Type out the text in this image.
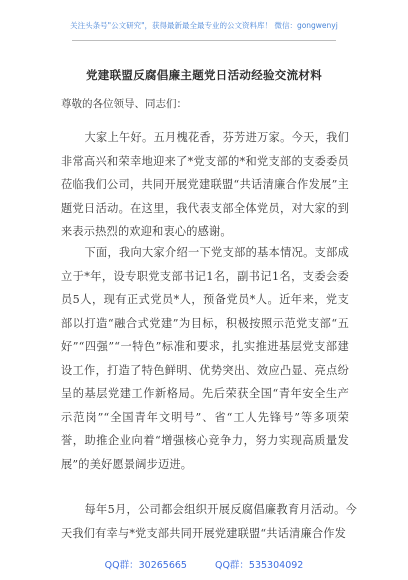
关注头条号"公文研究"，获得最新最全最专业的公文资料库！ 微信：gongwenyj
党建联盟反腐倡廉主题党日活动经验交流材料
尊敬的各位领导、同志们：

大家上午好。五月槐花香，芬芳进万家。今天，我们非常高兴和荣幸地迎来了*党支部的*和党支部的支委委员莅临我们公司，共同开展党建联盟“共话清廉合作发展”主题党日活动。在这里，我代表支部全体党员，对大家的到来表示热烈的欢迎和衷心的感谢。

下面，我向大家介绍一下党支部的基本情况。支部成立于*年，设专职党支部书记1名，副书记1名，支委会委员5人，现有正式党员*人，预备党员*人。近年来，党支部以打造“融合式党建”为目标，积极按照示范党支部“五好”“四强”“一特色”标准和要求，扎实推进基层党支部建设工作，打造了特色鲜明、优势突出、效应凸显、亮点纷呈的基层党建工作新格局。先后荣获全国“青年安全生产示范岗”“全国青年文明号”、省“工人先锋号”等多项荣誉，助推企业向着“增强核心竞争力，努力实现高质量发展”的美好愿景阔步迈进。

每年5月，公司都会组织开展反腐倡廉教育月活动。今天我们有幸与*党支部共同开展党建联盟“共话清廉合作发

QQ群：30265665	QQ群：535304092
